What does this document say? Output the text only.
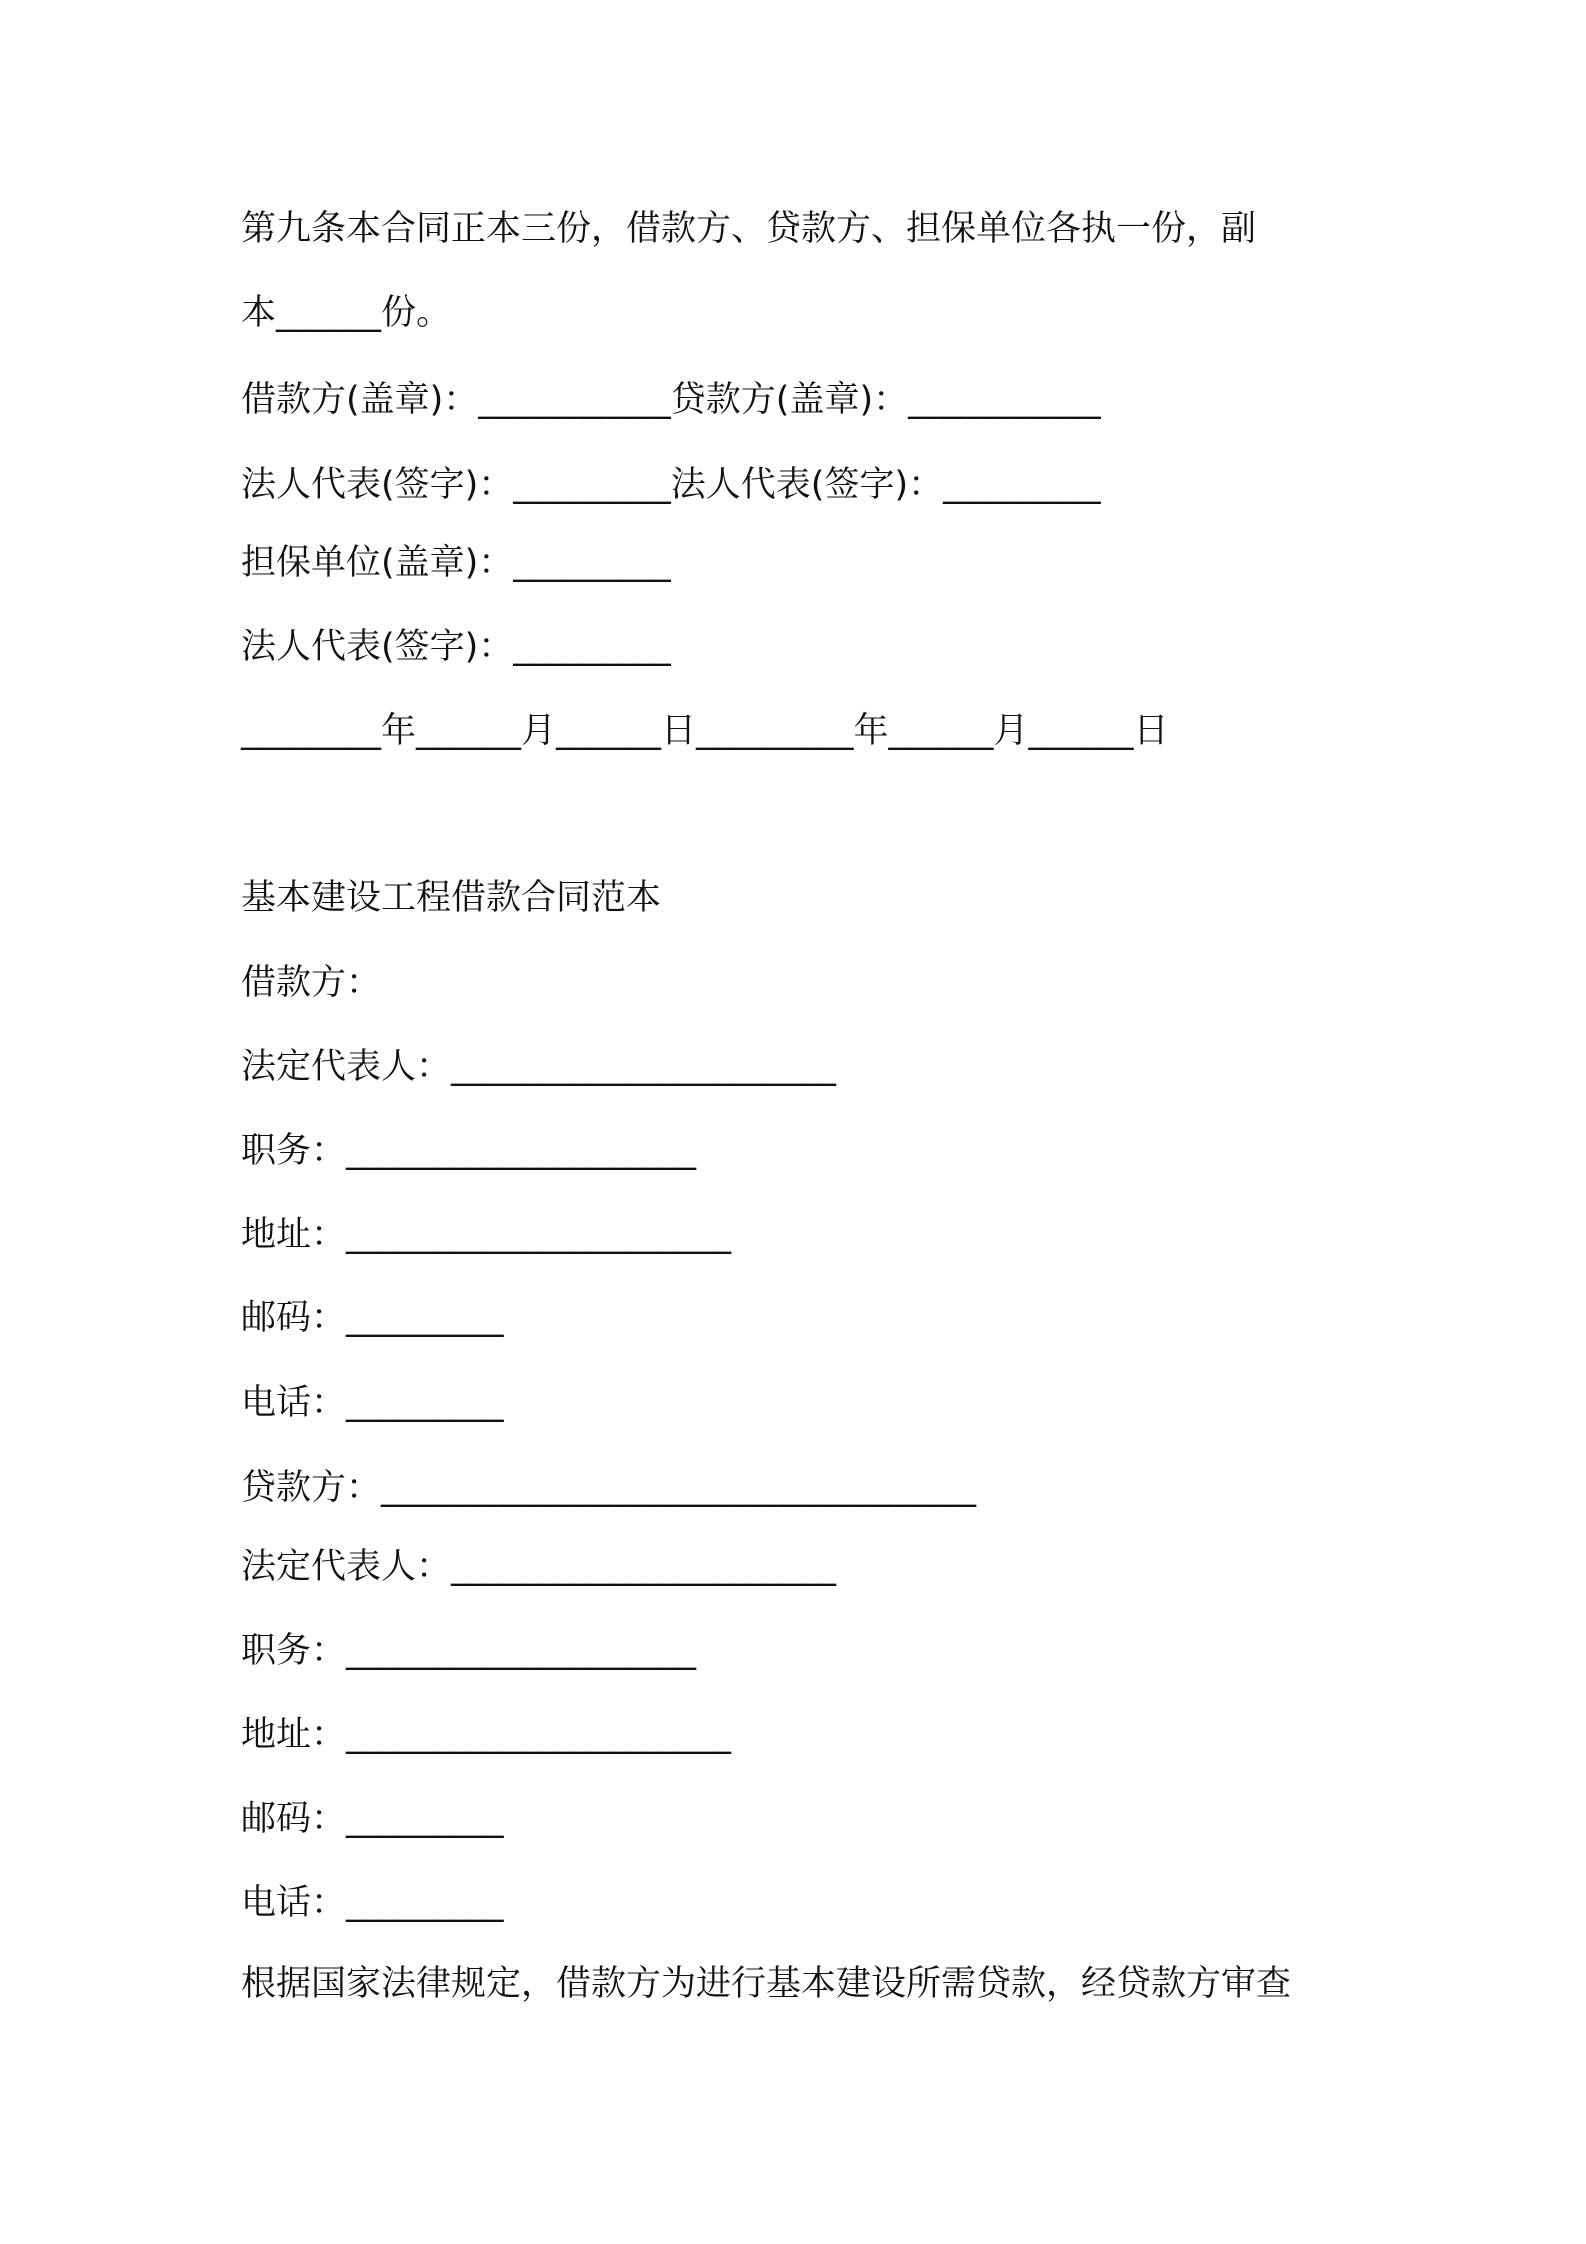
第九条本合同正本三份，借款方、贷款方、担保单位各执一份，副
本______份。
借款方(盖章)：___________贷款方(盖章)：___________
法人代表(签字)：_________法人代表(签字)：_________
担保单位(盖章)：_________
法人代表(签字)：_________
________年______月______日_________年______月______日
基本建设工程借款合同范本
借款方：
法定代表人：______________________
职务：____________________
地址：______________________
邮码：_________
电话：_________
贷款方：__________________________________
法定代表人：______________________
职务：____________________
地址：______________________
邮码：_________
电话：_________
根据国家法律规定，借款方为进行基本建设所需贷款，经贷款方审查
